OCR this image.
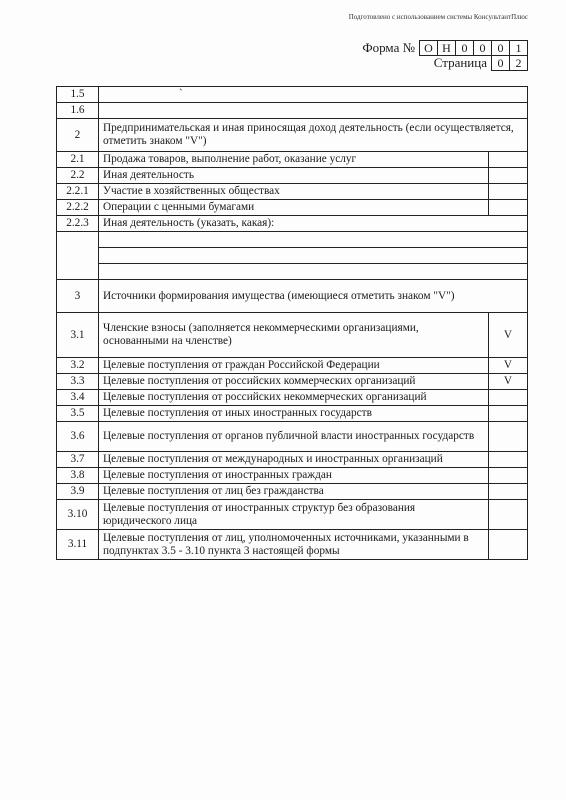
Подготовлено с использованием системы КонсультантПлюс
Форма № О Н 0	0	0	1
Страница 0	2
1.5	`	
1.6		
2	Предпринимательская и иная приносящая доход деятельность (если осуществляется, отметить знаком "V")	
2.1	Продажа товаров, выполнение работ, оказание услуг	
2.2	Иная деятельность	
2.2.1	Участие в хозяйственных обществах	
2.2.2	Операции с ценными бумагами	
2.2.3	Иная деятельность (указать, какая):	

3	Источники формирования имущества (имеющиеся отметить знаком "V")	
3.1	Членские взносы (заполняется некоммерческими организациями, основанными на членстве)	V
3.2	Целевые поступления от граждан Российской Федерации	V
3.3	Целевые поступления от российских коммерческих организаций	V
3.4	Целевые поступления от российских некоммерческих организаций	
3.5	Целевые поступления от иных иностранных государств	
3.6	Целевые поступления от органов публичной власти иностранных государств	
3.7	Целевые поступления от международных и иностранных организаций	
3.8	Целевые поступления от иностранных граждан	
3.9	Целевые поступления от лиц без гражданства	
3.10	Целевые поступления от иностранных структур без образования юридического лица	
3.11	Целевые поступления от лиц, уполномоченных источниками, указанными в подпунктах 3.5 - 3.10 пункта 3 настоящей формы	
